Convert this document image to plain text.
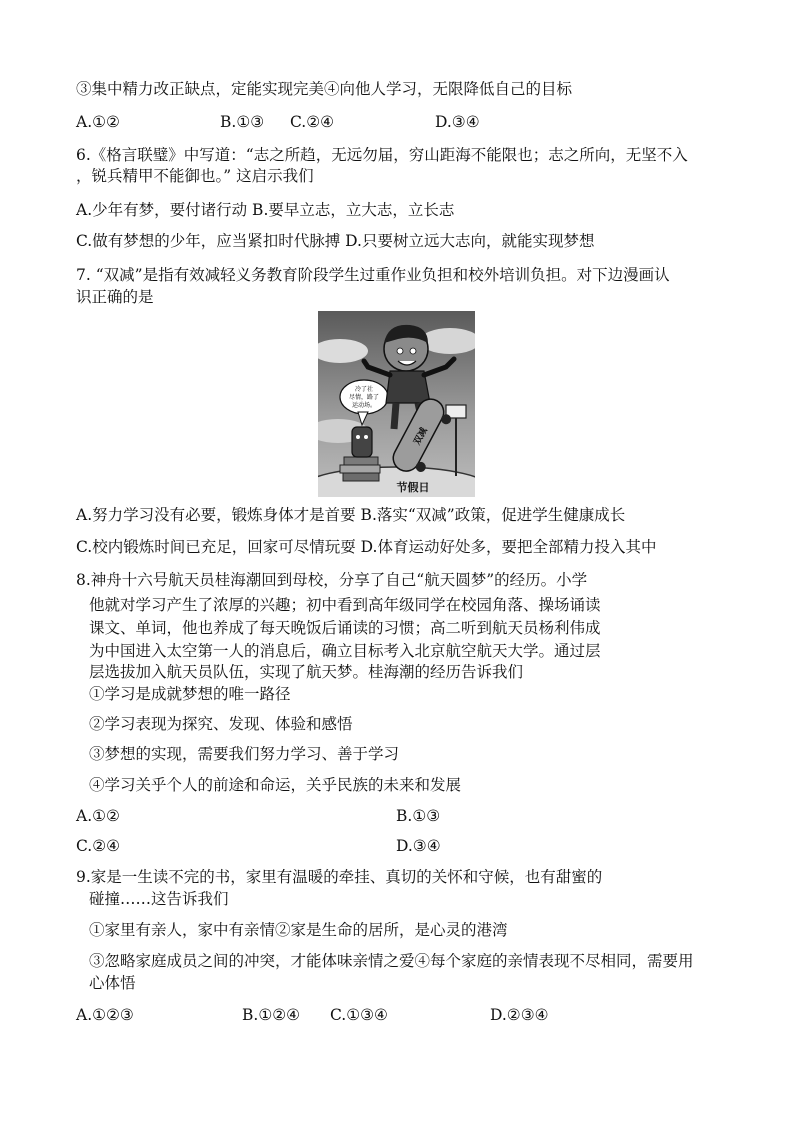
③集中精力改正缺点，定能实现完美④向他人学习，无限降低自己的目标
A.①②	B.①③ C.②④	D.③④
6.《格言联璧》中写道：“志之所趋，无远勿届，穷山距海不能限也；志之所向，无坚不入
，锐兵精甲不能御也。” 这启示我们
A.少年有梦，要付诸行动 B.要早立志，立大志，立长志
C.做有梦想的少年，应当紧扣时代脉搏 D.只要树立远大志向，就能实现梦想
7. “双减”是指有效减轻义务教育阶段学生过重作业负担和校外培训负担。对下边漫画认
识正确的是
冷了社
尽情，路了
运动场。
双减
节假日
A.努力学习没有必要，锻炼身体才是首要 B.落实“双减”政策，促进学生健康成长
C.校内锻炼时间已充足，回家可尽情玩耍 D.体育运动好处多，要把全部精力投入其中
8.神舟十六号航天员桂海潮回到母校，分享了自己“航天圆梦”的经历。小学
他就对学习产生了浓厚的兴趣；初中看到高年级同学在校园角落、操场诵读
课文、单词，他也养成了每天晚饭后诵读的习惯；高二听到航天员杨利伟成
为中国进入太空第一人的消息后，确立目标考入北京航空航天大学。通过层
层选拔加入航天员队伍，实现了航天梦。桂海潮的经历告诉我们
①学习是成就梦想的唯一路径
②学习表现为探究、发现、体验和感悟
③梦想的实现，需要我们努力学习、善于学习
④学习关乎个人的前途和命运，关乎民族的未来和发展
A.①②	B.①③
C.②④	D.③④
9.家是一生读不完的书，家里有温暖的牵挂、真切的关怀和守候，也有甜蜜的
碰撞……这告诉我们
①家里有亲人，家中有亲情②家是生命的居所，是心灵的港湾
③忽略家庭成员之间的冲突，才能体味亲情之爱④每个家庭的亲情表现不尽相同，需要用
心体悟
A.①②③	B.①②④ C.①③④	D.②③④
